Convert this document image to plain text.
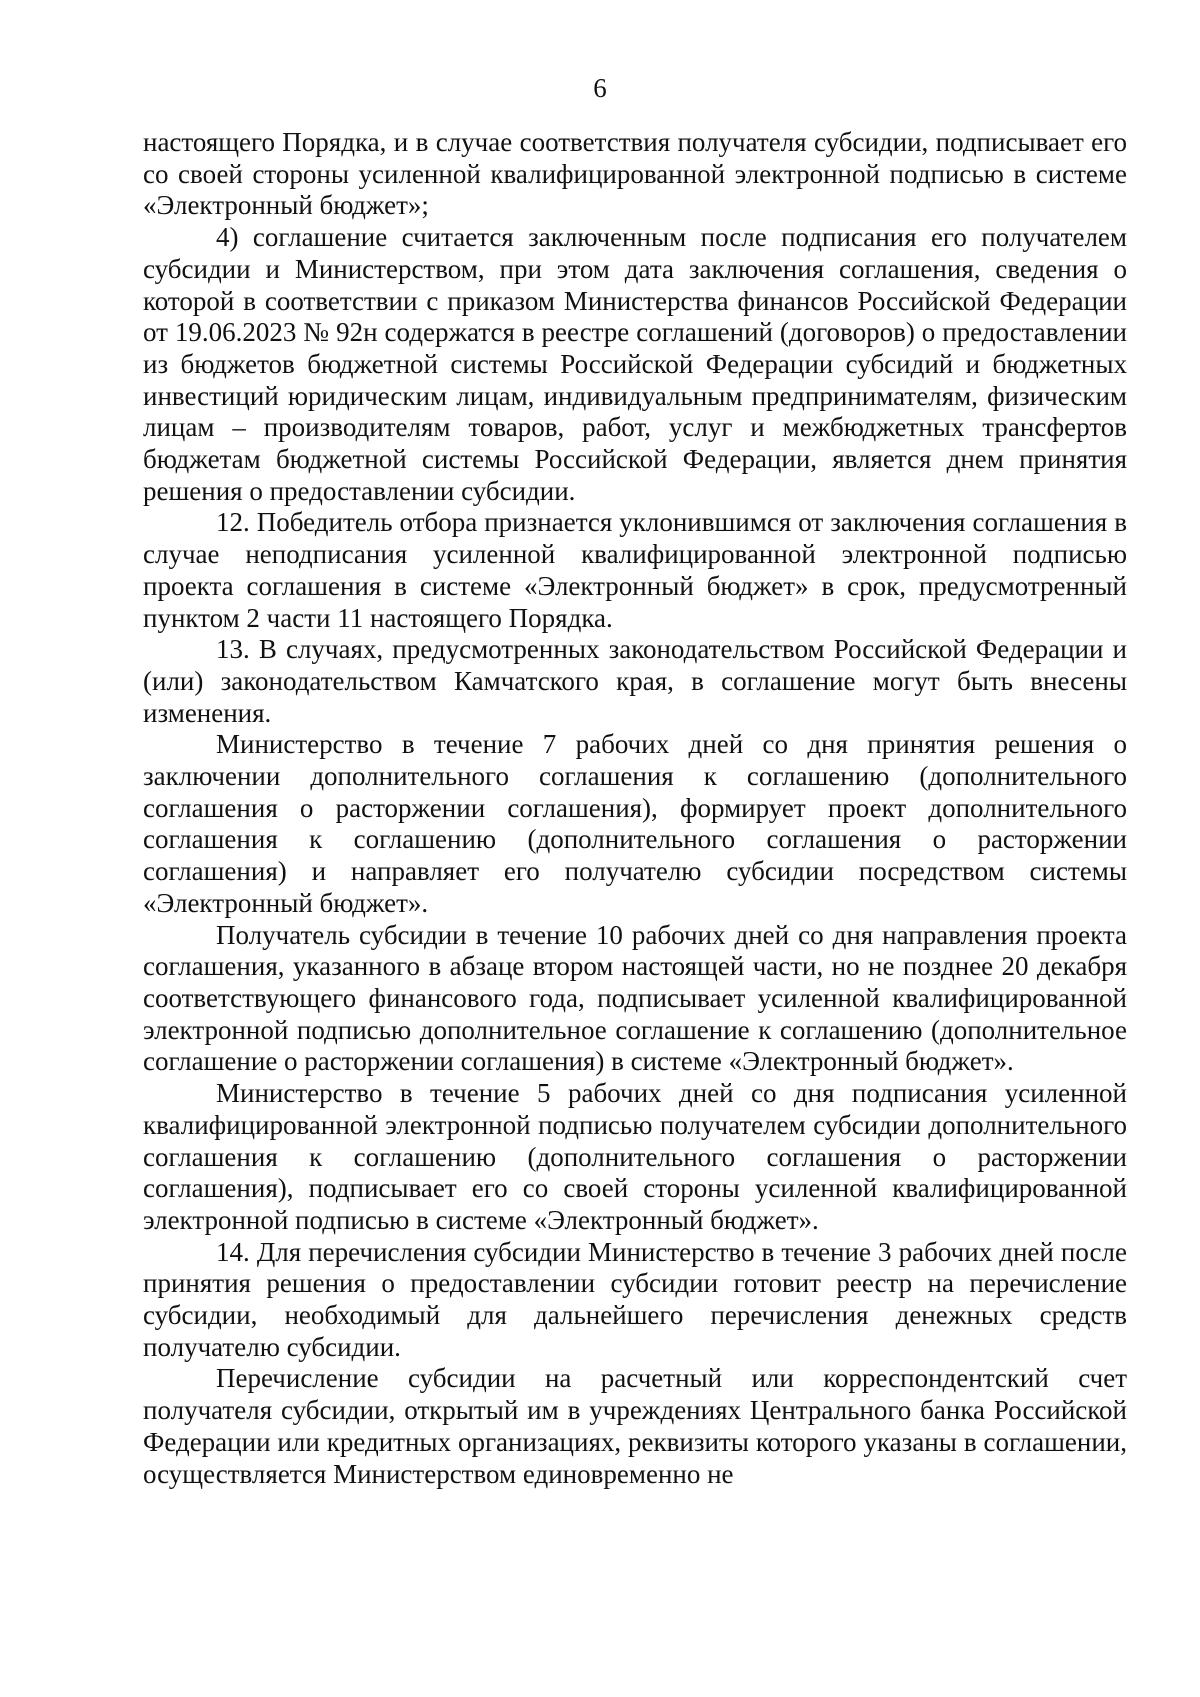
6

настоящего Порядка, и в случае соответствия получателя субсидии, подписывает его со своей стороны усиленной квалифицированной электронной подписью в системе «Электронный бюджет»;

4) соглашение считается заключенным после подписания его получателем субсидии и Министерством, при этом дата заключения соглашения, сведения о которой в соответствии с приказом Министерства финансов Российской Федерации от 19.06.2023 № 92н содержатся в реестре соглашений (договоров) о предоставлении из бюджетов бюджетной системы Российской Федерации субсидий и бюджетных инвестиций юридическим лицам, индивидуальным предпринимателям, физическим лицам – производителям товаров, работ, услуг и межбюджетных трансфертов бюджетам бюджетной системы Российской Федерации, является днем принятия решения о предоставлении субсидии.

12. Победитель отбора признается уклонившимся от заключения соглашения в случае неподписания усиленной квалифицированной электронной подписью проекта соглашения в системе «Электронный бюджет» в срок, предусмотренный пунктом 2 части 11 настоящего Порядка.

13. В случаях, предусмотренных законодательством Российской Федерации и (или) законодательством Камчатского края, в соглашение могут быть внесены изменения.

Министерство в течение 7 рабочих дней со дня принятия решения о заключении дополнительного соглашения к соглашению (дополнительного соглашения о расторжении соглашения), формирует проект дополнительного соглашения к соглашению (дополнительного соглашения о расторжении соглашения) и направляет его получателю субсидии посредством системы «Электронный бюджет».

Получатель субсидии в течение 10 рабочих дней со дня направления проекта соглашения, указанного в абзаце втором настоящей части, но не позднее 20 декабря соответствующего финансового года, подписывает усиленной квалифицированной электронной подписью дополнительное соглашение к соглашению (дополнительное соглашение о расторжении соглашения) в системе «Электронный бюджет».

Министерство в течение 5 рабочих дней со дня подписания усиленной квалифицированной электронной подписью получателем субсидии дополнительного соглашения к соглашению (дополнительного соглашения о расторжении соглашения), подписывает его со своей стороны усиленной квалифицированной электронной подписью в системе «Электронный бюджет».

14. Для перечисления субсидии Министерство в течение 3 рабочих дней после принятия решения о предоставлении субсидии готовит реестр на перечисление субсидии, необходимый для дальнейшего перечисления денежных средств получателю субсидии.

Перечисление субсидии на расчетный или корреспондентский счет получателя субсидии, открытый им в учреждениях Центрального банка Российской Федерации или кредитных организациях, реквизиты которого указаны в соглашении, осуществляется Министерством единовременно не
